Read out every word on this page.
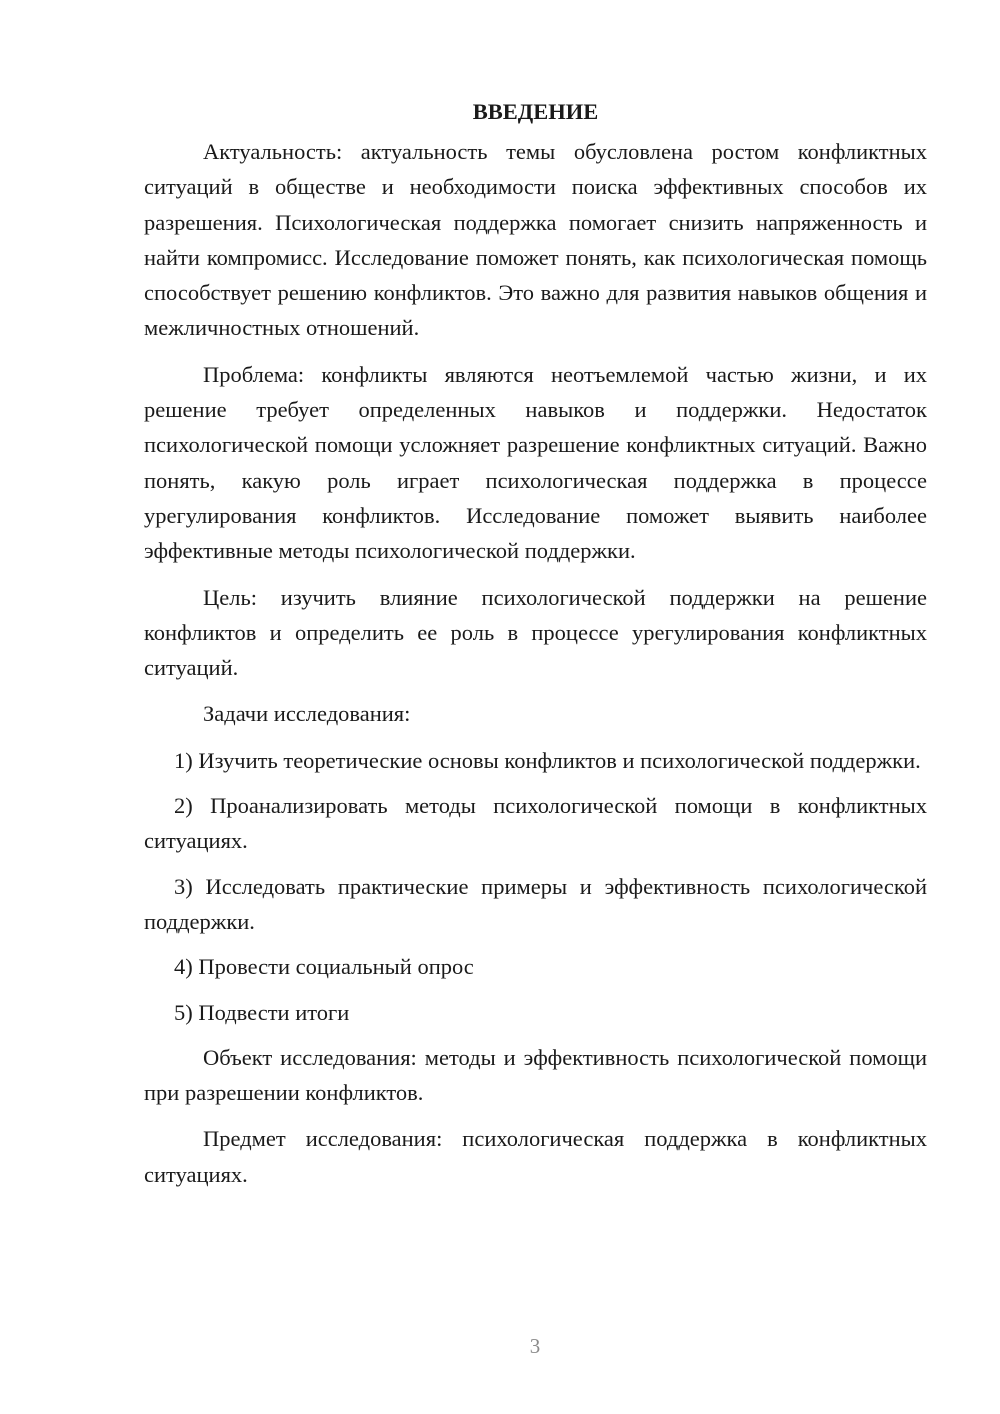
ВВЕДЕНИЕ

Актуальность: актуальность темы обусловлена ростом конфликтных ситуаций в обществе и необходимости поиска эффективных способов их разрешения. Психологическая поддержка помогает снизить напряженность и найти компромисс. Исследование поможет понять, как психологическая помощь способствует решению конфликтов. Это важно для развития навыков общения и межличностных отношений.

Проблема: конфликты являются неотъемлемой частью жизни, и их решение требует определенных навыков и поддержки. Недостаток психологической помощи усложняет разрешение конфликтных ситуаций. Важно понять, какую роль играет психологическая поддержка в процессе урегулирования конфликтов. Исследование поможет выявить наиболее эффективные методы психологической поддержки.

Цель: изучить влияние психологической поддержки на решение конфликтов и определить ее роль в процессе урегулирования конфликтных ситуаций.

Задачи исследования:

1) Изучить теоретические основы конфликтов и психологической поддержки.

2) Проанализировать методы психологической помощи в конфликтных ситуациях.

3) Исследовать практические примеры и эффективность психологической поддержки.

4) Провести социальный опрос

5) Подвести итоги

Объект исследования: методы и эффективность психологической помощи при разрешении конфликтов.

Предмет исследования: психологическая поддержка в конфликтных ситуациях.

3
